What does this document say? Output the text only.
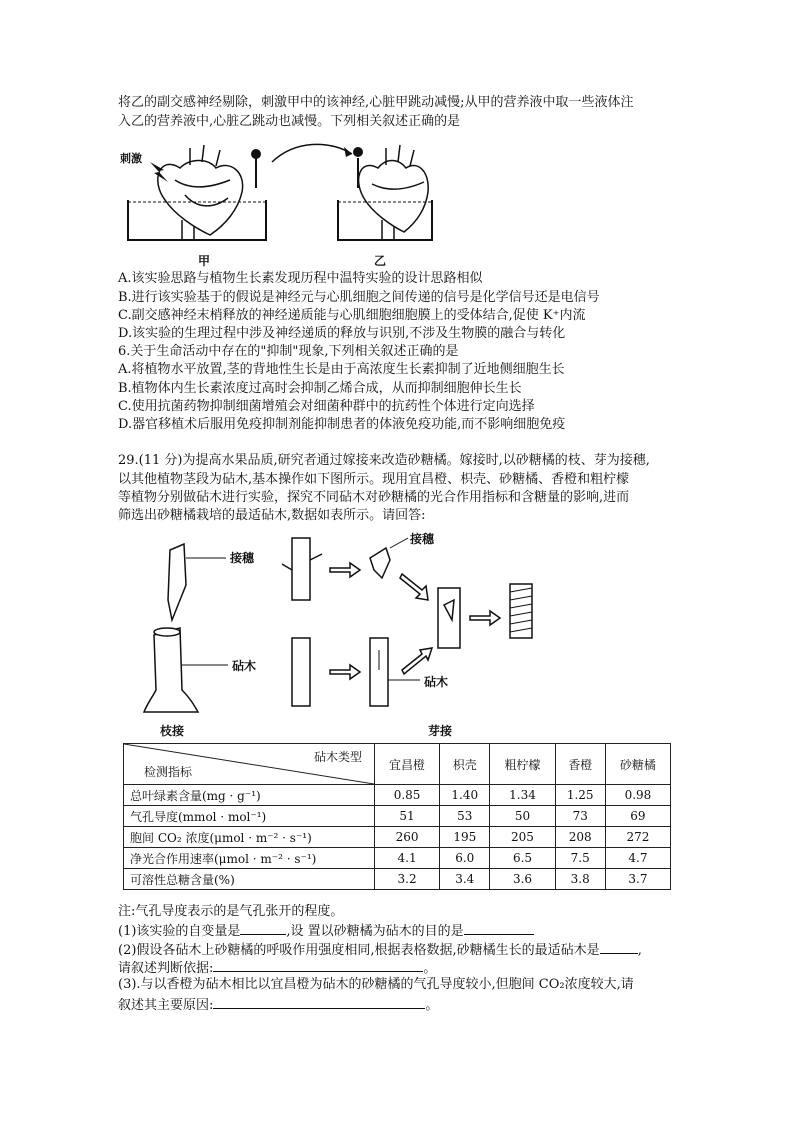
将乙的副交感神经剔除，刺激甲中的该神经,心脏甲跳动减慢;从甲的营养液中取一些液体注
入乙的营养液中,心脏乙跳动也减慢。下列相关叙述正确的是
刺激
甲	乙
A.该实验思路与植物生长素发现历程中温特实验的设计思路相似
B.进行该实验基于的假说是神经元与心肌细胞之间传递的信号是化学信号还是电信号
C.副交感神经末梢释放的神经递质能与心肌细胞细胞膜上的受体结合,促使 K⁺内流
D.该实验的生理过程中涉及神经递质的释放与识别,不涉及生物膜的融合与转化
6.关于生命活动中存在的"抑制"现象,下列相关叙述正确的是
A.将植物水平放置,茎的背地性生长是由于高浓度生长素抑制了近地侧细胞生长
B.植物体内生长素浓度过高时会抑制乙烯合成，从而抑制细胞伸长生长
C.使用抗菌药物抑制细菌增殖会对细菌种群中的抗药性个体进行定向选择
D.器官移植术后服用免疫抑制剂能抑制患者的体液免疫功能,而不影响细胞免疫
29.(11 分)为提高水果品质,研究者通过嫁接来改造砂糖橘。嫁接时,以砂糖橘的枝、芽为接穗,
以其他植物茎段为砧木,基本操作如下图所示。现用宜昌橙、枳壳、砂糖橘、香橙和粗柠檬
等植物分别做砧木进行实验，探究不同砧木对砂糖橘的光合作用指标和含糖量的影响,进而
筛选出砂糖橘栽培的最适砧木,数据如表所示。请回答:
接穗
砧木
接穗
砧木
枝接	芽接
砧木类型
检测指标	宜昌橙	枳壳	粗柠檬	香橙	砂糖橘
总叶绿素含量(mg · g⁻¹)	0.85	1.40	1.34	1.25	0.98
气孔导度(mmol · mol⁻¹)	51	53	50	73	69
胞间 CO₂ 浓度(μmol · m⁻² · s⁻¹)	260	195	205	208	272
净光合作用速率(μmol · m⁻² · s⁻¹)	4.1	6.0	6.5	7.5	4.7
可溶性总糖含量(%)	3.2	3.4	3.6	3.8	3.7
注:气孔导度表示的是气孔张开的程度。
(1)该实验的自变量是	,设 置以砂糖橘为砧木的目的是
(2)假设各砧木上砂糖橘的呼吸作用强度相同,根据表格数据,砂糖橘生长的最适砧木是	,
请叙述判断依据:	。
(3).与以香橙为砧木相比以宜昌橙为砧木的砂糖橘的气孔导度较小,但胞间 CO₂浓度较大,请
叙述其主要原因:	。
